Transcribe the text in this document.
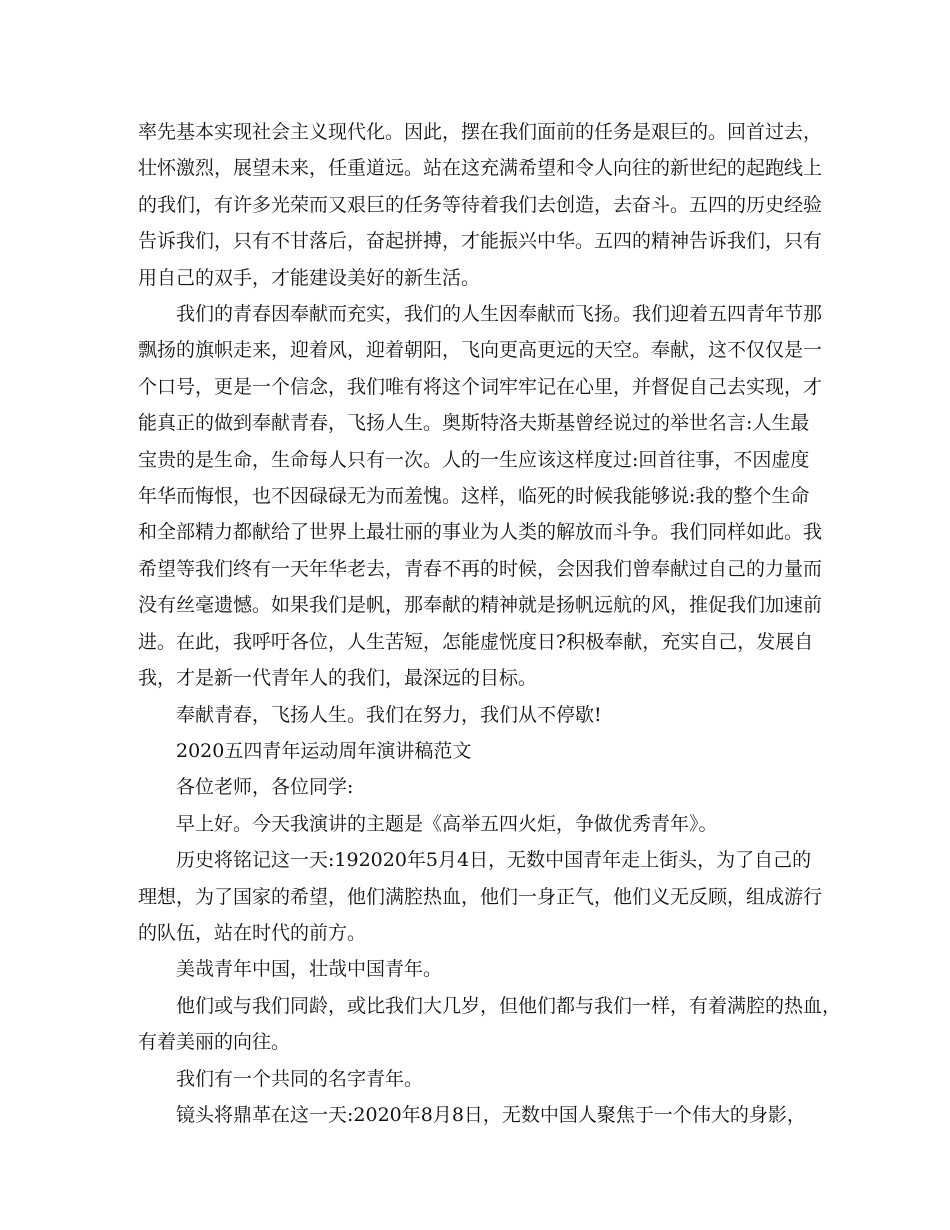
率先基本实现社会主义现代化。因此，摆在我们面前的任务是艰巨的。回首过去，
壮怀激烈，展望未来，任重道远。站在这充满希望和令人向往的新世纪的起跑线上
的我们，有许多光荣而又艰巨的任务等待着我们去创造，去奋斗。五四的历史经验
告诉我们，只有不甘落后，奋起拼搏，才能振兴中华。五四的精神告诉我们，只有
用自己的双手，才能建设美好的新生活。

我们的青春因奉献而充实，我们的人生因奉献而飞扬。我们迎着五四青年节那
飘扬的旗帜走来，迎着风，迎着朝阳，飞向更高更远的天空。奉献，这不仅仅是一
个口号，更是一个信念，我们唯有将这个词牢牢记在心里，并督促自己去实现，才
能真正的做到奉献青春，飞扬人生。奥斯特洛夫斯基曾经说过的举世名言:人生最
宝贵的是生命，生命每人只有一次。人的一生应该这样度过:回首往事，不因虚度
年华而悔恨，也不因碌碌无为而羞愧。这样，临死的时候我能够说:我的整个生命
和全部精力都献给了世界上最壮丽的事业为人类的解放而斗争。我们同样如此。我
希望等我们终有一天年华老去，青春不再的时候，会因我们曾奉献过自己的力量而
没有丝毫遗憾。如果我们是帆，那奉献的精神就是扬帆远航的风，推促我们加速前
进。在此，我呼吁各位，人生苦短，怎能虚恍度日?积极奉献，充实自己，发展自
我，才是新一代青年人的我们，最深远的目标。

奉献青春，飞扬人生。我们在努力，我们从不停歇!

2020五四青年运动周年演讲稿范文

各位老师，各位同学:

早上好。今天我演讲的主题是《高举五四火炬，争做优秀青年》。

历史将铭记这一天:192020年5月4日，无数中国青年走上街头，为了自己的
理想，为了国家的希望，他们满腔热血，他们一身正气，他们义无反顾，组成游行
的队伍，站在时代的前方。

美哉青年中国，壮哉中国青年。

他们或与我们同龄，或比我们大几岁，但他们都与我们一样，有着满腔的热血，
有着美丽的向往。

我们有一个共同的名字青年。

镜头将鼎革在这一天:2020年8月8日，无数中国人聚焦于一个伟大的身影，
